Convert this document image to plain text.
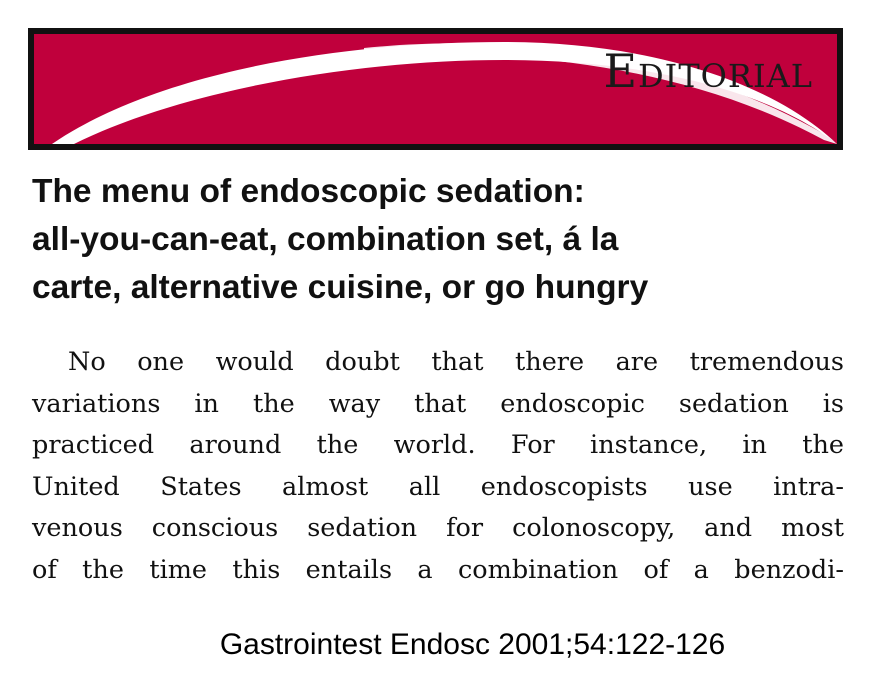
Editorial
The menu of endoscopic sedation:
all-you-can-eat, combination set, á la
carte, alternative cuisine, or go hungry
No one would doubt that there are tremendous
variations in the way that endoscopic sedation is
practiced around the world. For instance, in the
United States almost all endoscopists use intra-
venous conscious sedation for colonoscopy, and most
of the time this entails a combination of a benzodi-
Gastrointest Endosc 2001;54:122-126
